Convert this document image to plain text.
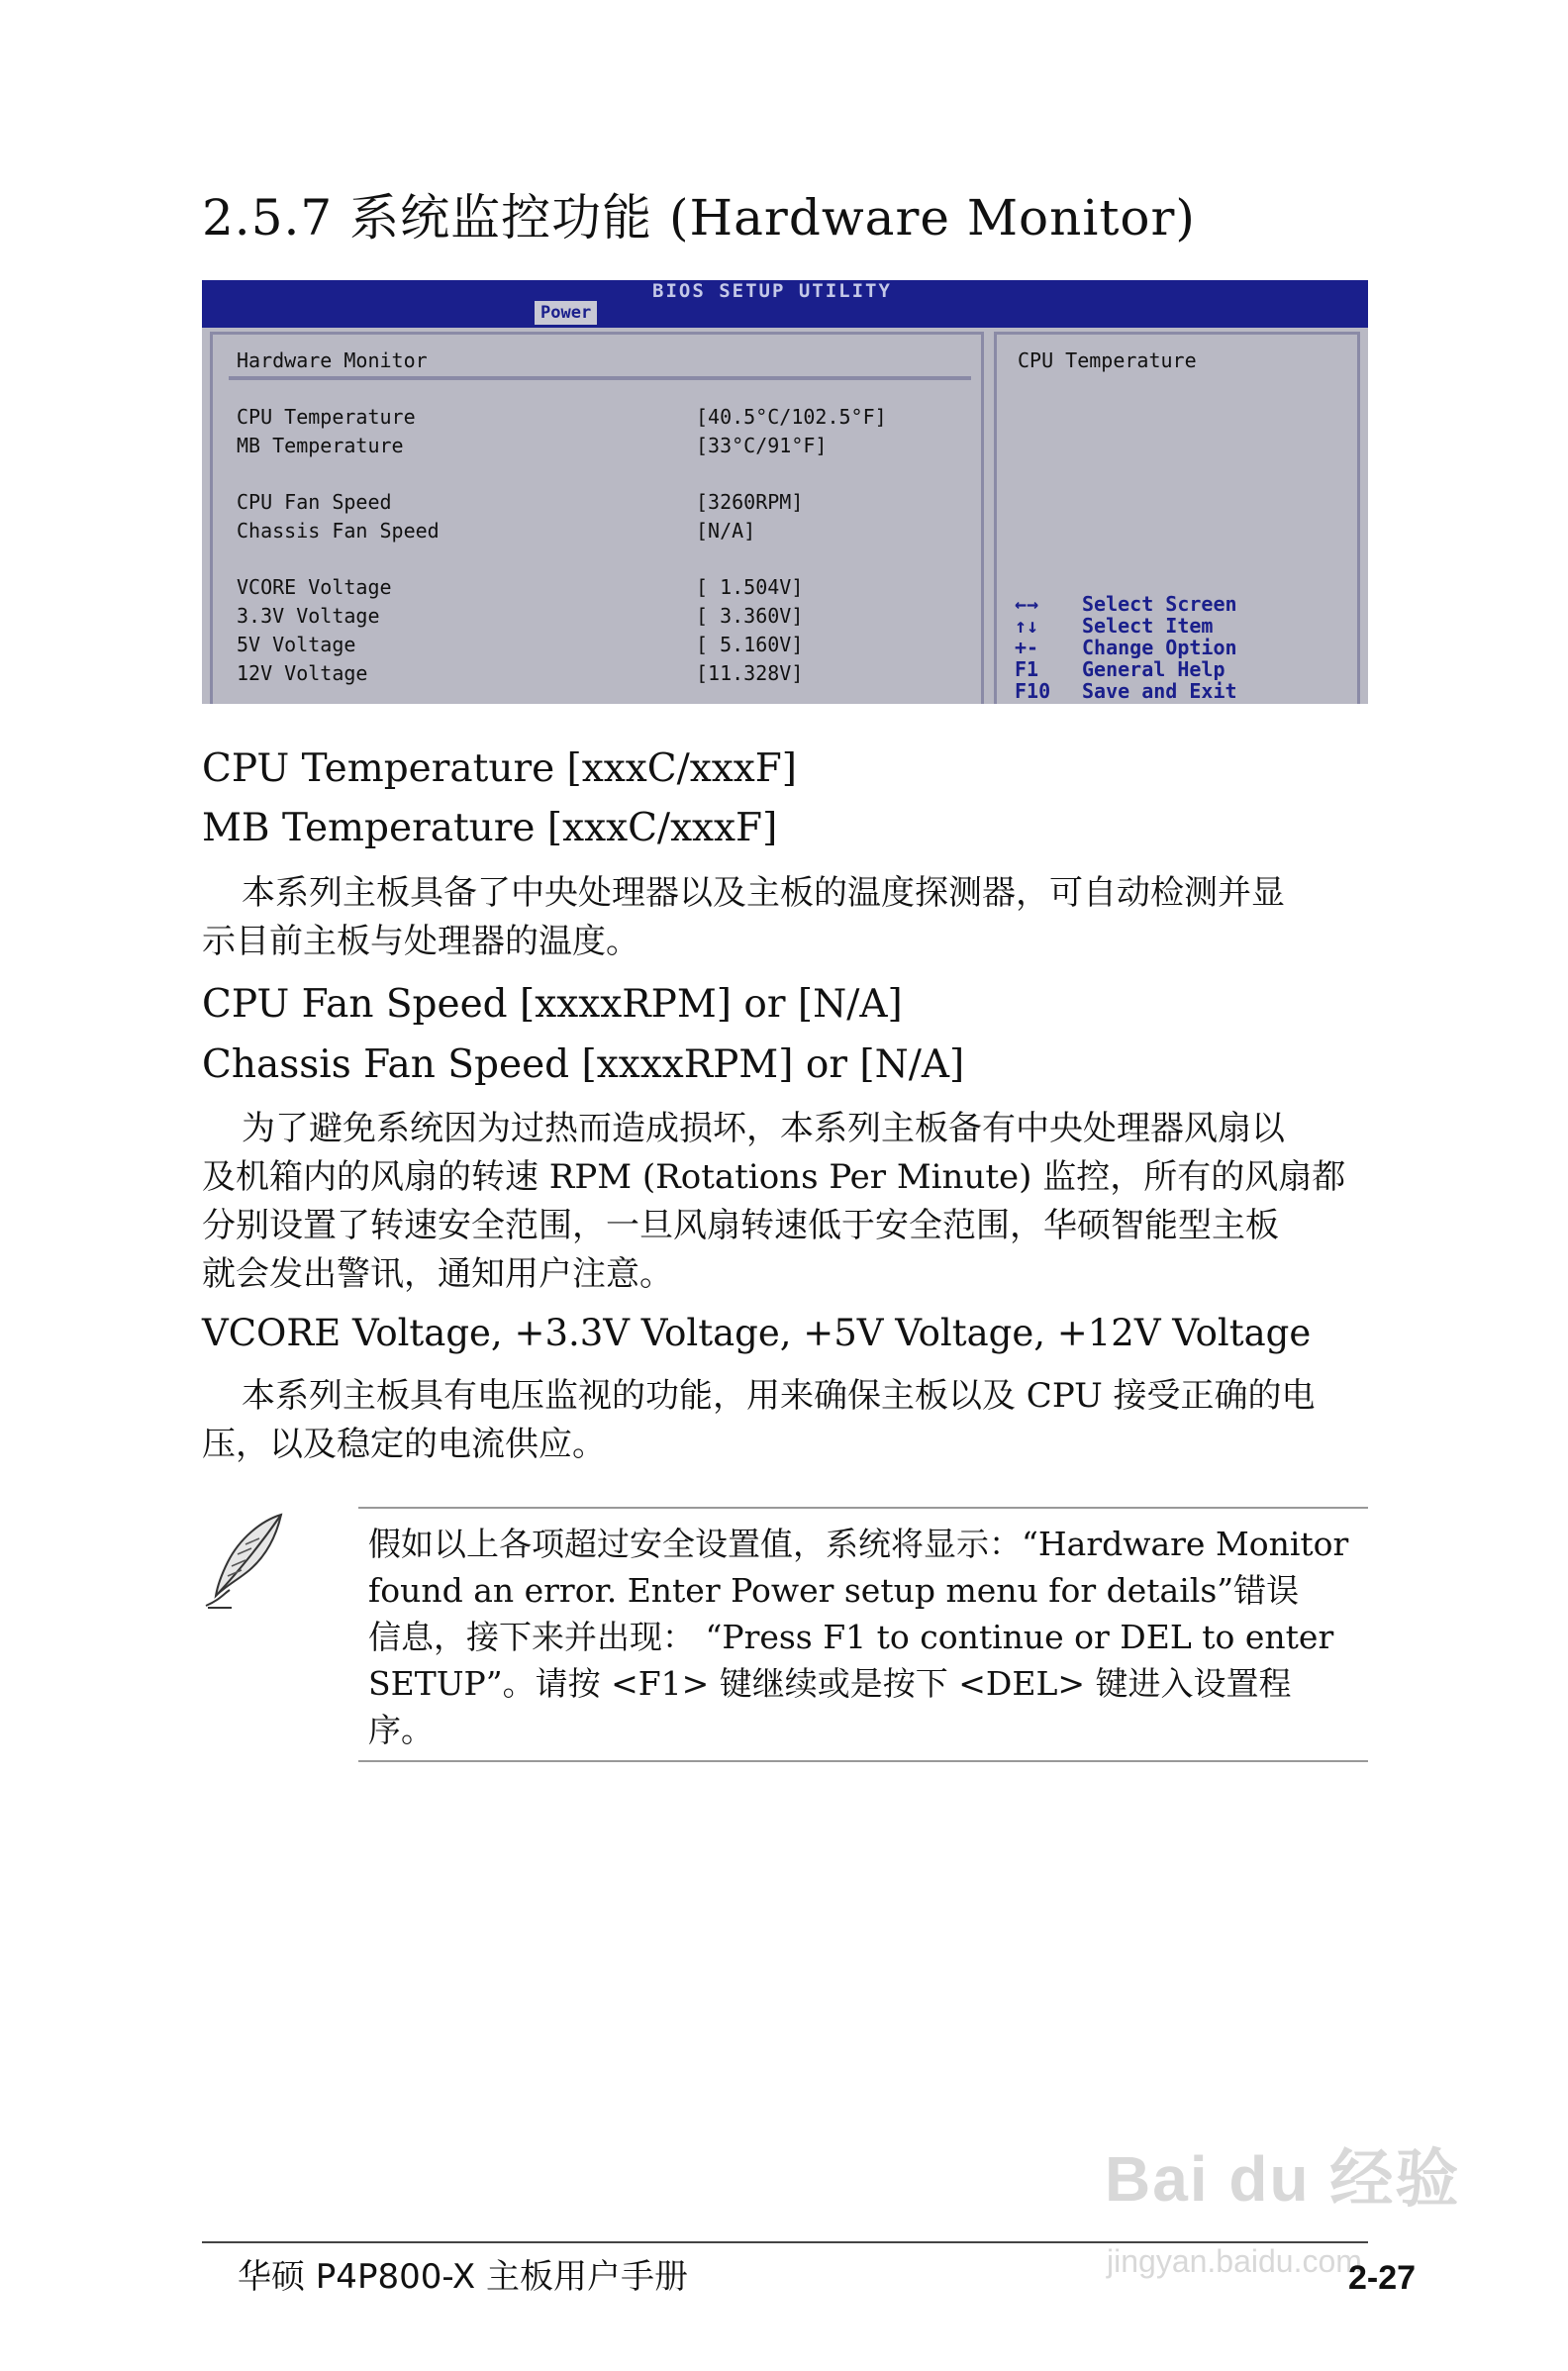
2.5.7 系统监控功能 (Hardware Monitor)
BIOS SETUP UTILITY
Power
Hardware Monitor
CPU Temperature	[40.5°C/102.5°F]
MB Temperature	[33°C/91°F]
CPU Fan Speed	[3260RPM]
Chassis Fan Speed	[N/A]
VCORE Voltage	[ 1.504V]
3.3V Voltage	[ 3.360V]
5V Voltage	[ 5.160V]
12V Voltage	[11.328V]
CPU Temperature
←→ Select Screen
↑↓ Select Item
+- Change Option
F1 General Help
F10 Save and Exit
CPU Temperature [xxxC/xxxF]
MB Temperature [xxxC/xxxF]
本系列主板具备了中央处理器以及主板的温度探测器，可自动检测并显
示目前主板与处理器的温度。
CPU Fan Speed [xxxxRPM] or [N/A]
Chassis Fan Speed [xxxxRPM] or [N/A]
为了避免系统因为过热而造成损坏，本系列主板备有中央处理器风扇以
及机箱内的风扇的转速 RPM (Rotations Per Minute) 监控，所有的风扇都
分别设置了转速安全范围，一旦风扇转速低于安全范围，华硕智能型主板
就会发出警讯，通知用户注意。
VCORE Voltage, +3.3V Voltage, +5V Voltage, +12V Voltage
本系列主板具有电压监视的功能，用来确保主板以及 CPU 接受正确的电
压，以及稳定的电流供应。
假如以上各项超过安全设置值，系统将显示：“Hardware Monitor
found an error. Enter Power setup menu for details”错误
信息，接下来并出现： “Press F1 to continue or DEL to enter
SETUP”。请按 <F1> 键继续或是按下 <DEL> 键进入设置程
序。
Bai du 经验
jingyan.baidu.com
华硕 P4P800-X 主板用户手册	2-27
